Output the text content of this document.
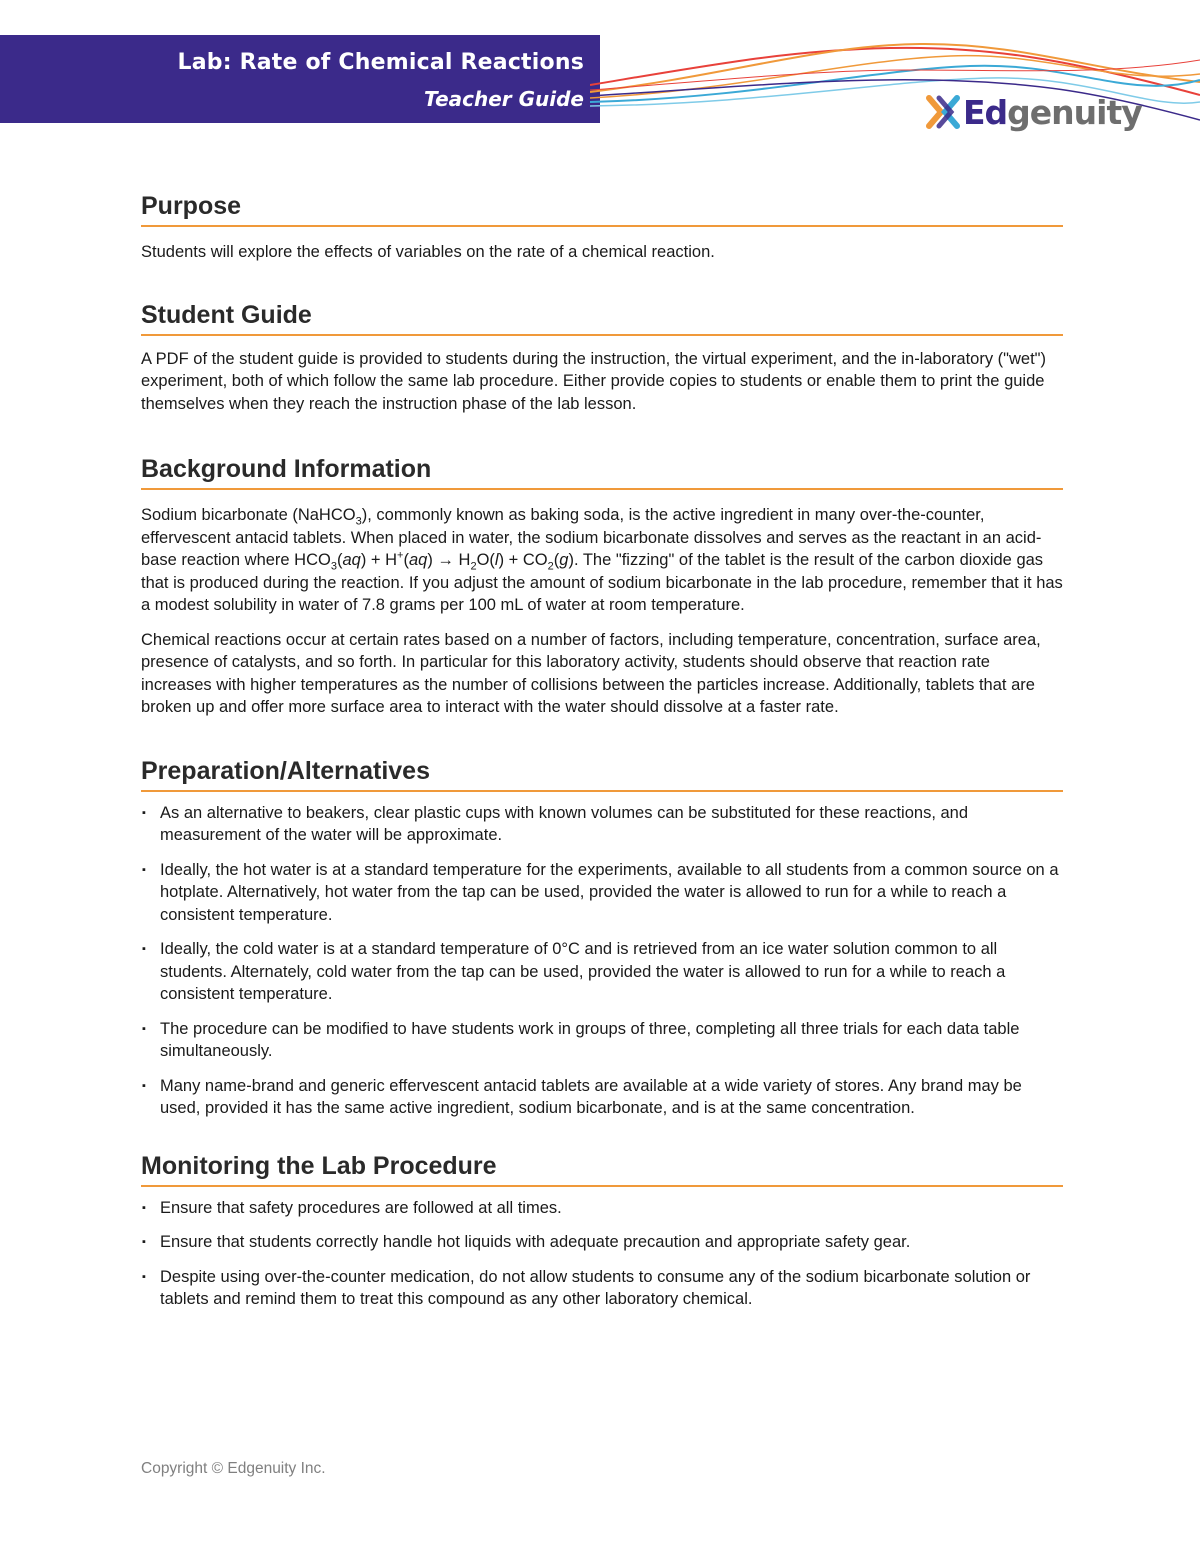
Lab: Rate of Chemical Reactions
Teacher Guide	Edgenuity
Purpose

Students will explore the effects of variables on the rate of a chemical reaction.

Student Guide

A PDF of the student guide is provided to students during the instruction, the virtual experiment, and the in-laboratory ("wet") experiment, both of which follow the same lab procedure. Either provide copies to students or enable them to print the guide themselves when they reach the instruction phase of the lab lesson.

Background Information

Sodium bicarbonate (NaHCO$_3$), commonly known as baking soda, is the active ingredient in many over-the-counter, effervescent antacid tablets. When placed in water, the sodium bicarbonate dissolves and serves as the reactant in an acid-base reaction where $HCO_3(aq) + H^+(aq) \to H_2O(l) + CO_2(g)$. The "fizzing" of the tablet is the result of the carbon dioxide gas that is produced during the reaction. If you adjust the amount of sodium bicarbonate in the lab procedure, remember that it has a modest solubility in water of 7.8 grams per 100 mL of water at room temperature.

Chemical reactions occur at certain rates based on a number of factors, including temperature, concentration, surface area, presence of catalysts, and so forth. In particular for this laboratory activity, students should observe that reaction rate increases with higher temperatures as the number of collisions between the particles increase. Additionally, tablets that are broken up and offer more surface area to interact with the water should dissolve at a faster rate.

Preparation/Alternatives
▪ As an alternative to beakers, clear plastic cups with known volumes can be substituted for these reactions, and measurement of the water will be approximate.
▪ Ideally, the hot water is at a standard temperature for the experiments, available to all students from a common source on a hotplate. Alternatively, hot water from the tap can be used, provided the water is allowed to run for a while to reach a consistent temperature.
▪ Ideally, the cold water is at a standard temperature of 0°C and is retrieved from an ice water solution common to all students. Alternately, cold water from the tap can be used, provided the water is allowed to run for a while to reach a consistent temperature.
▪ The procedure can be modified to have students work in groups of three, completing all three trials for each data table simultaneously.
▪ Many name-brand and generic effervescent antacid tablets are available at a wide variety of stores. Any brand may be used, provided it has the same active ingredient, sodium bicarbonate, and is at the same concentration.
Monitoring the Lab Procedure
▪ Ensure that safety procedures are followed at all times.
▪ Ensure that students correctly handle hot liquids with adequate precaution and appropriate safety gear.
▪ Despite using over-the-counter medication, do not allow students to consume any of the sodium bicarbonate solution or tablets and remind them to treat this compound as any other laboratory chemical.
Copyright © Edgenuity Inc.
